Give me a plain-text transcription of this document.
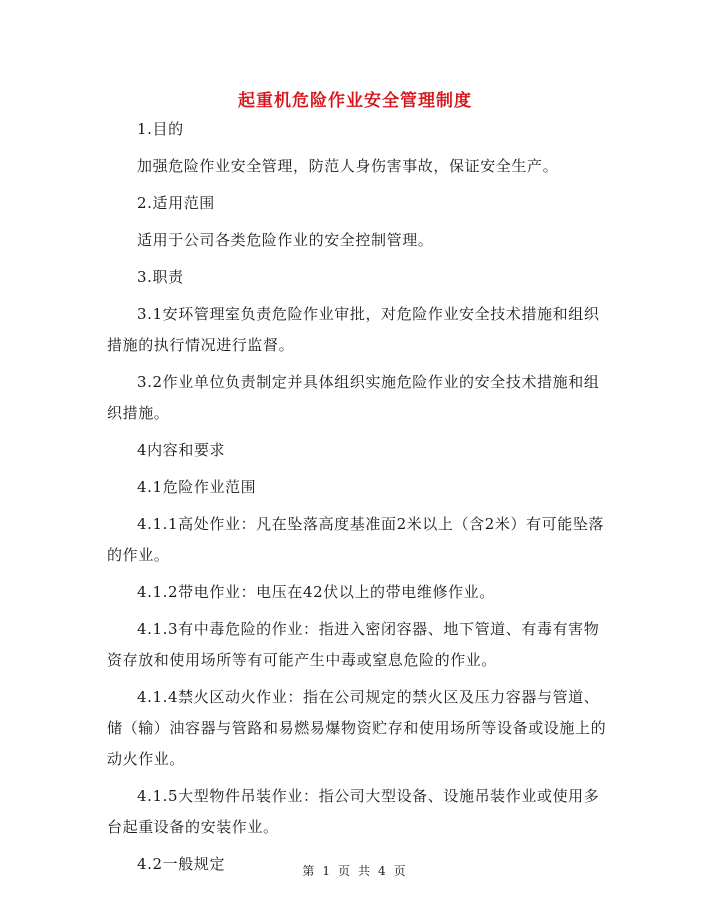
起重机危险作业安全管理制度

1.目的

加强危险作业安全管理，防范人身伤害事故，保证安全生产。

2.适用范围

适用于公司各类危险作业的安全控制管理。

3.职责

3.1安环管理室负责危险作业审批，对危险作业安全技术措施和组织措施的执行情况进行监督。

3.2作业单位负责制定并具体组织实施危险作业的安全技术措施和组织措施。

4内容和要求

4.1危险作业范围

4.1.1高处作业：凡在坠落高度基准面2米以上（含2米）有可能坠落的作业。

4.1.2带电作业：电压在42伏以上的带电维修作业。

4.1.3有中毒危险的作业：指进入密闭容器、地下管道、有毒有害物资存放和使用场所等有可能产生中毒或窒息危险的作业。

4.1.4禁火区动火作业：指在公司规定的禁火区及压力容器与管道、储（输）油容器与管路和易燃易爆物资贮存和使用场所等设备或设施上的动火作业。

4.1.5大型物件吊装作业：指公司大型设备、设施吊装作业或使用多台起重设备的安装作业。

4.2一般规定	第 1 页 共 4 页
